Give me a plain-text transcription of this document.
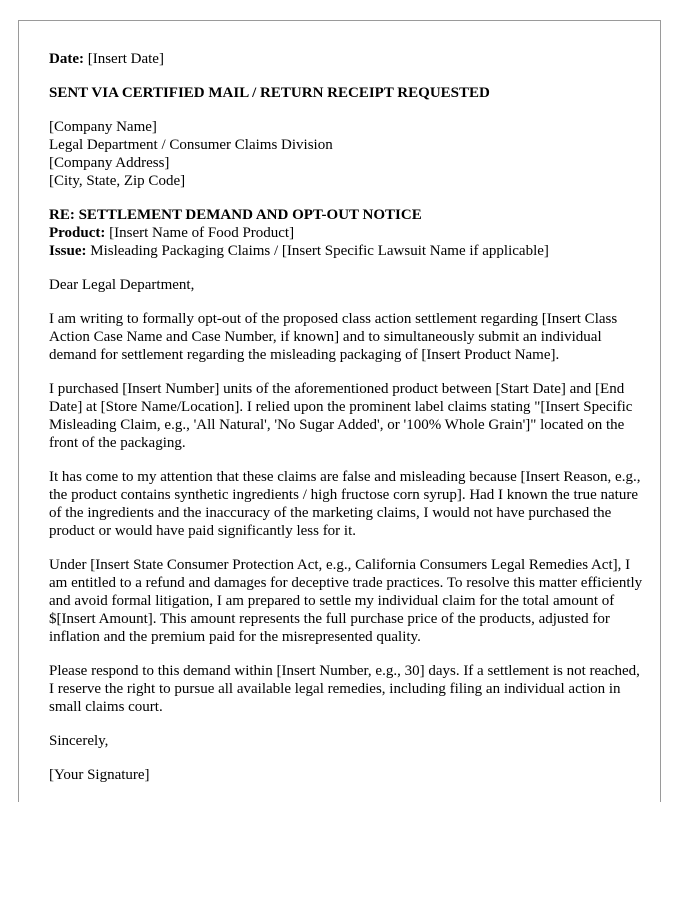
Date: [Insert Date]

SENT VIA CERTIFIED MAIL / RETURN RECEIPT REQUESTED

[Company Name]
Legal Department / Consumer Claims Division
[Company Address]
[City, State, Zip Code]
RE: SETTLEMENT DEMAND AND OPT-OUT NOTICE
Product: [Insert Name of Food Product]
Issue: Misleading Packaging Claims / [Insert Specific Lawsuit Name if applicable]

Dear Legal Department,

I am writing to formally opt-out of the proposed class action settlement regarding [Insert Class Action Case Name and Case Number, if known] and to simultaneously submit an individual demand for settlement regarding the misleading packaging of [Insert Product Name].

I purchased [Insert Number] units of the aforementioned product between [Start Date] and [End Date] at [Store Name/Location]. I relied upon the prominent label claims stating "[Insert Specific Misleading Claim, e.g., 'All Natural', 'No Sugar Added', or '100% Whole Grain']" located on the front of the packaging.

It has come to my attention that these claims are false and misleading because [Insert Reason, e.g., the product contains synthetic ingredients / high fructose corn syrup]. Had I known the true nature of the ingredients and the inaccuracy of the marketing claims, I would not have purchased the product or would have paid significantly less for it.

Under [Insert State Consumer Protection Act, e.g., California Consumers Legal Remedies Act], I am entitled to a refund and damages for deceptive trade practices. To resolve this matter efficiently and avoid formal litigation, I am prepared to settle my individual claim for the total amount of $[Insert Amount]. This amount represents the full purchase price of the products, adjusted for inflation and the premium paid for the misrepresented quality.

Please respond to this demand within [Insert Number, e.g., 30] days. If a settlement is not reached, I reserve the right to pursue all available legal remedies, including filing an individual action in small claims court.

Sincerely,

[Your Signature]
